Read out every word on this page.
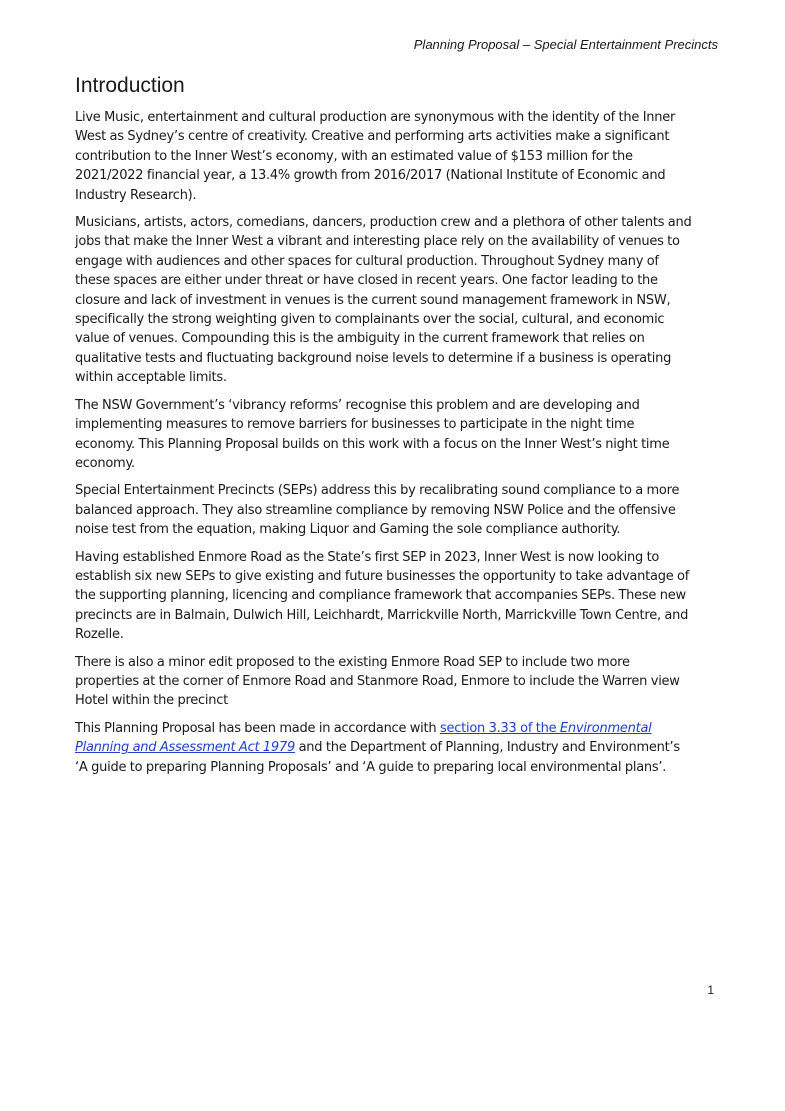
Planning Proposal – Special Entertainment Precincts
Introduction

Live Music, entertainment and cultural production are synonymous with the identity of the Inner West as Sydney’s centre of creativity. Creative and performing arts activities make a significant contribution to the Inner West’s economy, with an estimated value of $153 million for the 2021/2022 financial year, a 13.4% growth from 2016/2017 (National Institute of Economic and Industry Research).

Musicians, artists, actors, comedians, dancers, production crew and a plethora of other talents and jobs that make the Inner West a vibrant and interesting place rely on the availability of venues to engage with audiences and other spaces for cultural production. Throughout Sydney many of these spaces are either under threat or have closed in recent years. One factor leading to the closure and lack of investment in venues is the current sound management framework in NSW, specifically the strong weighting given to complainants over the social, cultural, and economic value of venues. Compounding this is the ambiguity in the current framework that relies on qualitative tests and fluctuating background noise levels to determine if a business is operating within acceptable limits.

The NSW Government’s ‘vibrancy reforms’ recognise this problem and are developing and implementing measures to remove barriers for businesses to participate in the night time economy. This Planning Proposal builds on this work with a focus on the Inner West’s night time economy.

Special Entertainment Precincts (SEPs) address this by recalibrating sound compliance to a more balanced approach. They also streamline compliance by removing NSW Police and the offensive noise test from the equation, making Liquor and Gaming the sole compliance authority.

Having established Enmore Road as the State’s first SEP in 2023, Inner West is now looking to establish six new SEPs to give existing and future businesses the opportunity to take advantage of the supporting planning, licencing and compliance framework that accompanies SEPs. These new precincts are in Balmain, Dulwich Hill, Leichhardt, Marrickville North, Marrickville Town Centre, and Rozelle.

There is also a minor edit proposed to the existing Enmore Road SEP to include two more properties at the corner of Enmore Road and Stanmore Road, Enmore to include the Warren view Hotel within the precinct

This Planning Proposal has been made in accordance with section 3.33 of the Environmental Planning and Assessment Act 1979 and the Department of Planning, Industry and Environment’s ‘A guide to preparing Planning Proposals’ and ‘A guide to preparing local environmental plans’.

1
